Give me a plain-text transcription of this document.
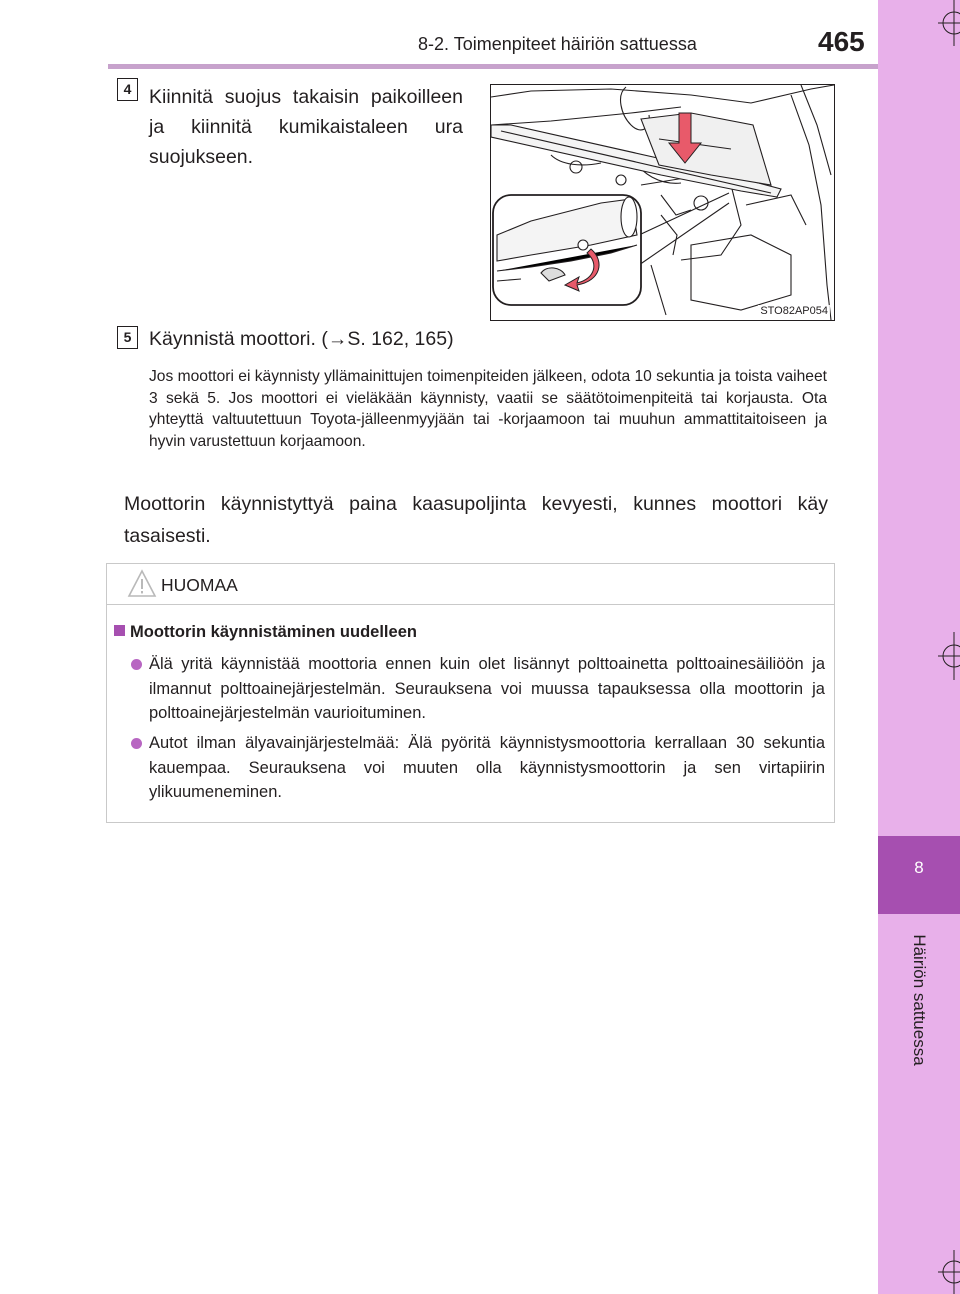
8
Häiriön sattuessa
8-2. Toimenpiteet häiriön sattuessa	465
4 Kiinnitä suojus takaisin paikoilleen ja kiinnitä kumikaistaleen ura suojukseen.
STO82AP054
5 Käynnistä moottori. (→S. 162, 165)
Jos moottori ei käynnisty yllämainittujen toimenpiteiden jälkeen, odota 10 sekuntia ja toista vaiheet 3 sekä 5. Jos moottori ei vieläkään käynnisty, vaatii se säätötoimenpiteitä tai korjausta. Ota yhteyttä valtuutettuun Toyota-jälleenmyyjään tai -korjaamoon tai muuhun ammattitaitoiseen ja hyvin varustettuun korjaamoon.
Moottorin käynnistyttyä paina kaasupoljinta kevyesti, kunnes moottori käy tasaisesti.
HUOMAA
Moottorin käynnistäminen uudelleen
Älä yritä käynnistää moottoria ennen kuin olet lisännyt polttoainetta polttoainesäiliöön ja ilmannut polttoainejärjestelmän. Seurauksena voi muussa tapauksessa olla moottorin ja polttoainejärjestelmän vaurioituminen.
Autot ilman älyavainjärjestelmää: Älä pyöritä käynnistysmoottoria kerrallaan 30 sekuntia kauempaa. Seurauksena voi muuten olla käynnistysmoottorin ja sen virtapiirin ylikuumeneminen.
